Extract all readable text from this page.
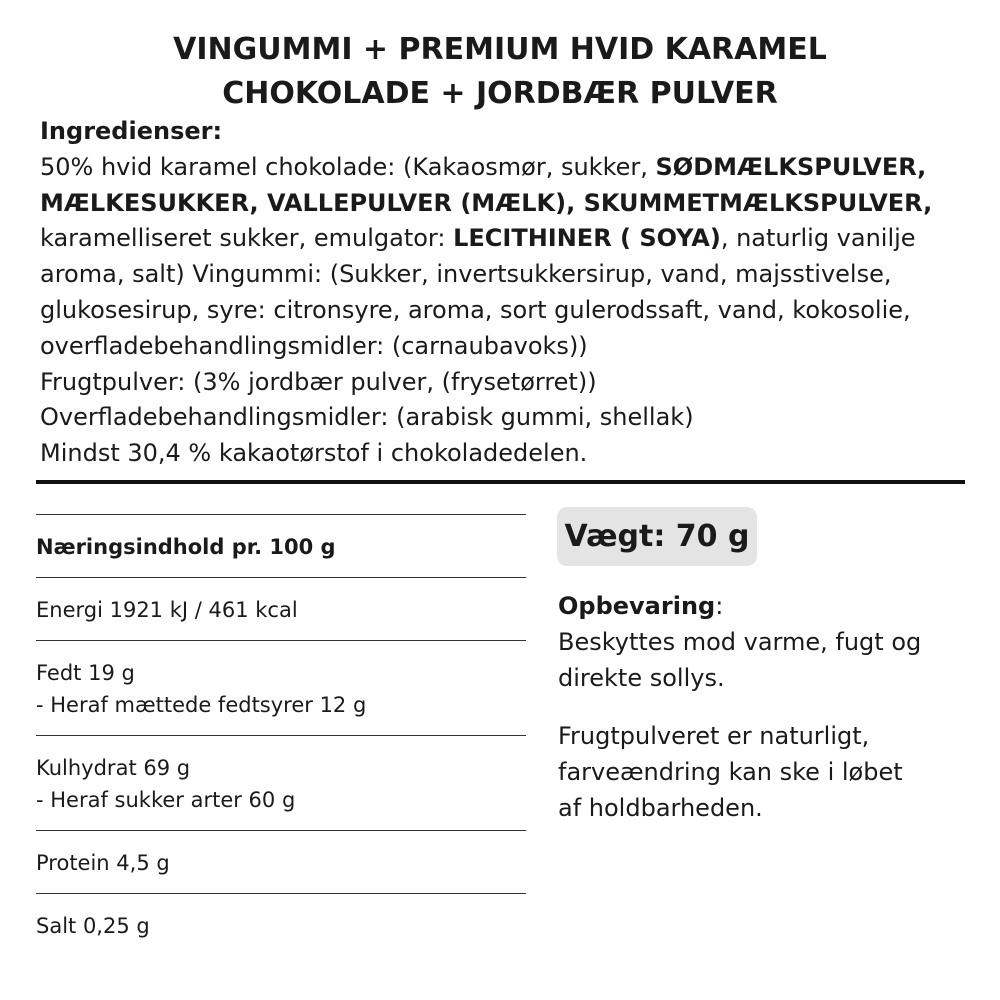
VINGUMMI + PREMIUM HVID KARAMEL
CHOKOLADE + JORDBÆR PULVER
Ingredienser:
50% hvid karamel chokolade: (Kakaosmør, sukker, SØDMÆLKSPULVER,
MÆLKESUKKER, VALLEPULVER (MÆLK), SKUMMETMÆLKSPULVER,
karamelliseret sukker, emulgator: LECITHINER ( SOYA), naturlig vanilje
aroma, salt) Vingummi: (Sukker, invertsukkersirup, vand, majsstivelse,
glukosesirup, syre: citronsyre, aroma, sort gulerodssaft, vand, kokosolie,
overfladebehandlingsmidler: (carnaubavoks))
Frugtpulver: (3% jordbær pulver, (frysetørret))
Overfladebehandlingsmidler: (arabisk gummi, shellak)
Mindst 30,4 % kakaotørstof i chokoladedelen.
Næringsindhold pr. 100 g
Energi 1921 kJ / 461 kcal
Fedt 19 g
- Heraf mættede fedtsyrer 12 g
Kulhydrat 69 g
- Heraf sukker arter 60 g
Protein 4,5 g
Salt 0,25 g
Vægt: 70 g
Opbevaring:
Beskyttes mod varme, fugt og
direkte sollys.
Frugtpulveret er naturligt,
farveændring kan ske i løbet
af holdbarheden.
